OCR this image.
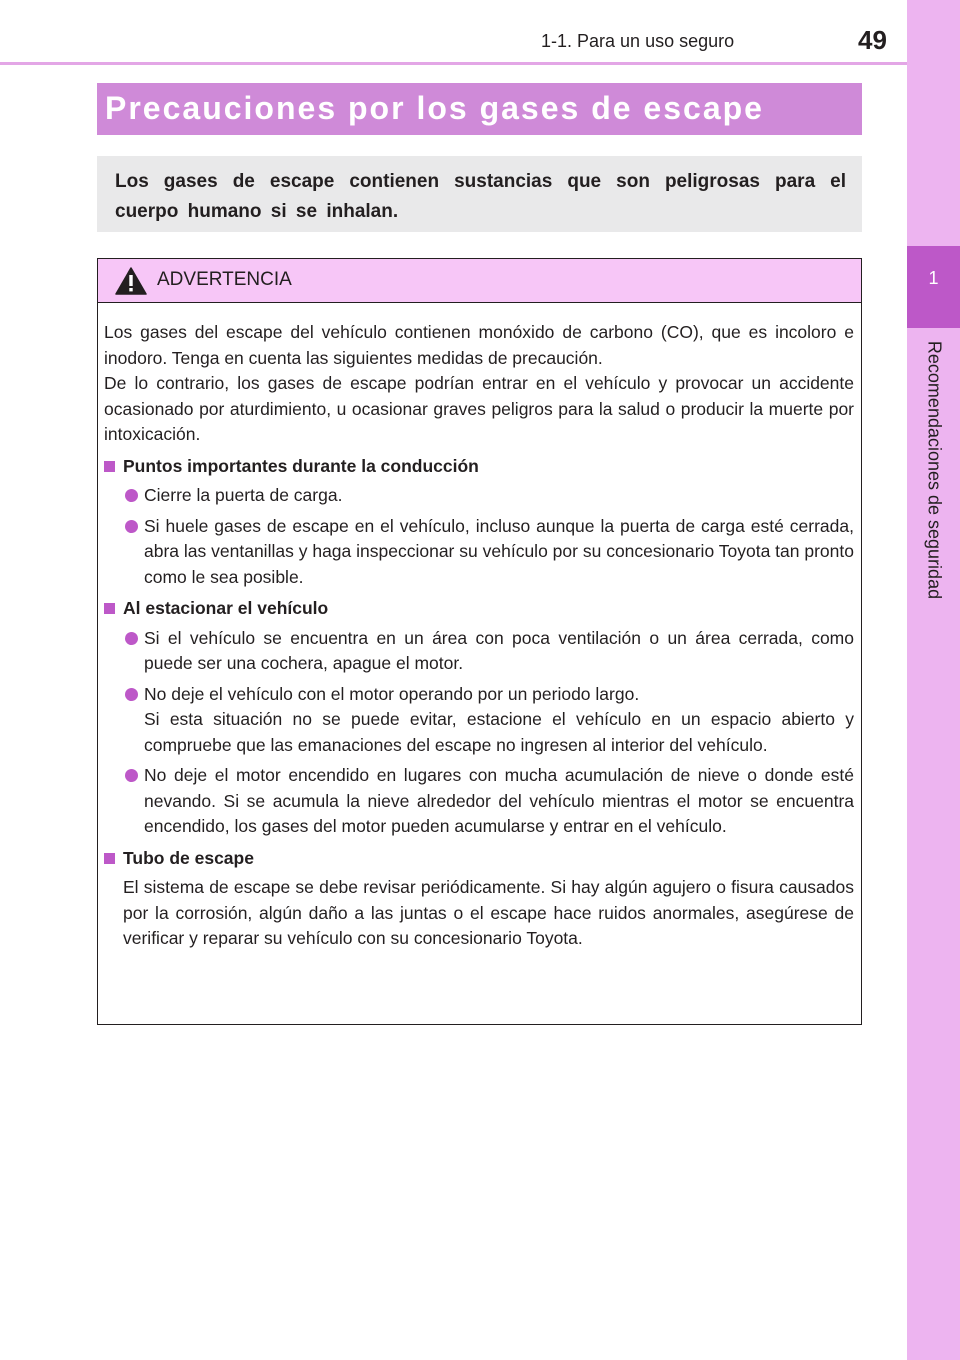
1-1. Para un uso seguro	49
1
Recomendaciones de seguridad
Precauciones por los gases de escape
Los gases de escape contienen sustancias que son peligrosas para el cuerpo humano si se inhalan.
ADVERTENCIA

Los gases del escape del vehículo contienen monóxido de carbono (CO), que es incoloro e inodoro. Tenga en cuenta las siguientes medidas de precaución.

De lo contrario, los gases de escape podrían entrar en el vehículo y provocar un accidente ocasionado por aturdimiento, u ocasionar graves peligros para la salud o producir la muerte por intoxicación.

Puntos importantes durante la conducción
Cierre la puerta de carga.
Si huele gases de escape en el vehículo, incluso aunque la puerta de carga esté cerrada, abra las ventanillas y haga inspeccionar su vehículo por su concesionario Toyota tan pronto como le sea posible.
Al estacionar el vehículo
Si el vehículo se encuentra en un área con poca ventilación o un área cerrada, como puede ser una cochera, apague el motor.
No deje el vehículo con el motor operando por un periodo largo.
Si esta situación no se puede evitar, estacione el vehículo en un espacio abierto y compruebe que las emanaciones del escape no ingresen al interior del vehículo.
No deje el motor encendido en lugares con mucha acumulación de nieve o donde esté nevando. Si se acumula la nieve alrededor del vehículo mientras el motor se encuentra encendido, los gases del motor pueden acumularse y entrar en el vehículo.
Tubo de escape

El sistema de escape se debe revisar periódicamente. Si hay algún agujero o fisura causados por la corrosión, algún daño a las juntas o el escape hace ruidos anormales, asegúrese de verificar y reparar su vehículo con su concesionario Toyota.
